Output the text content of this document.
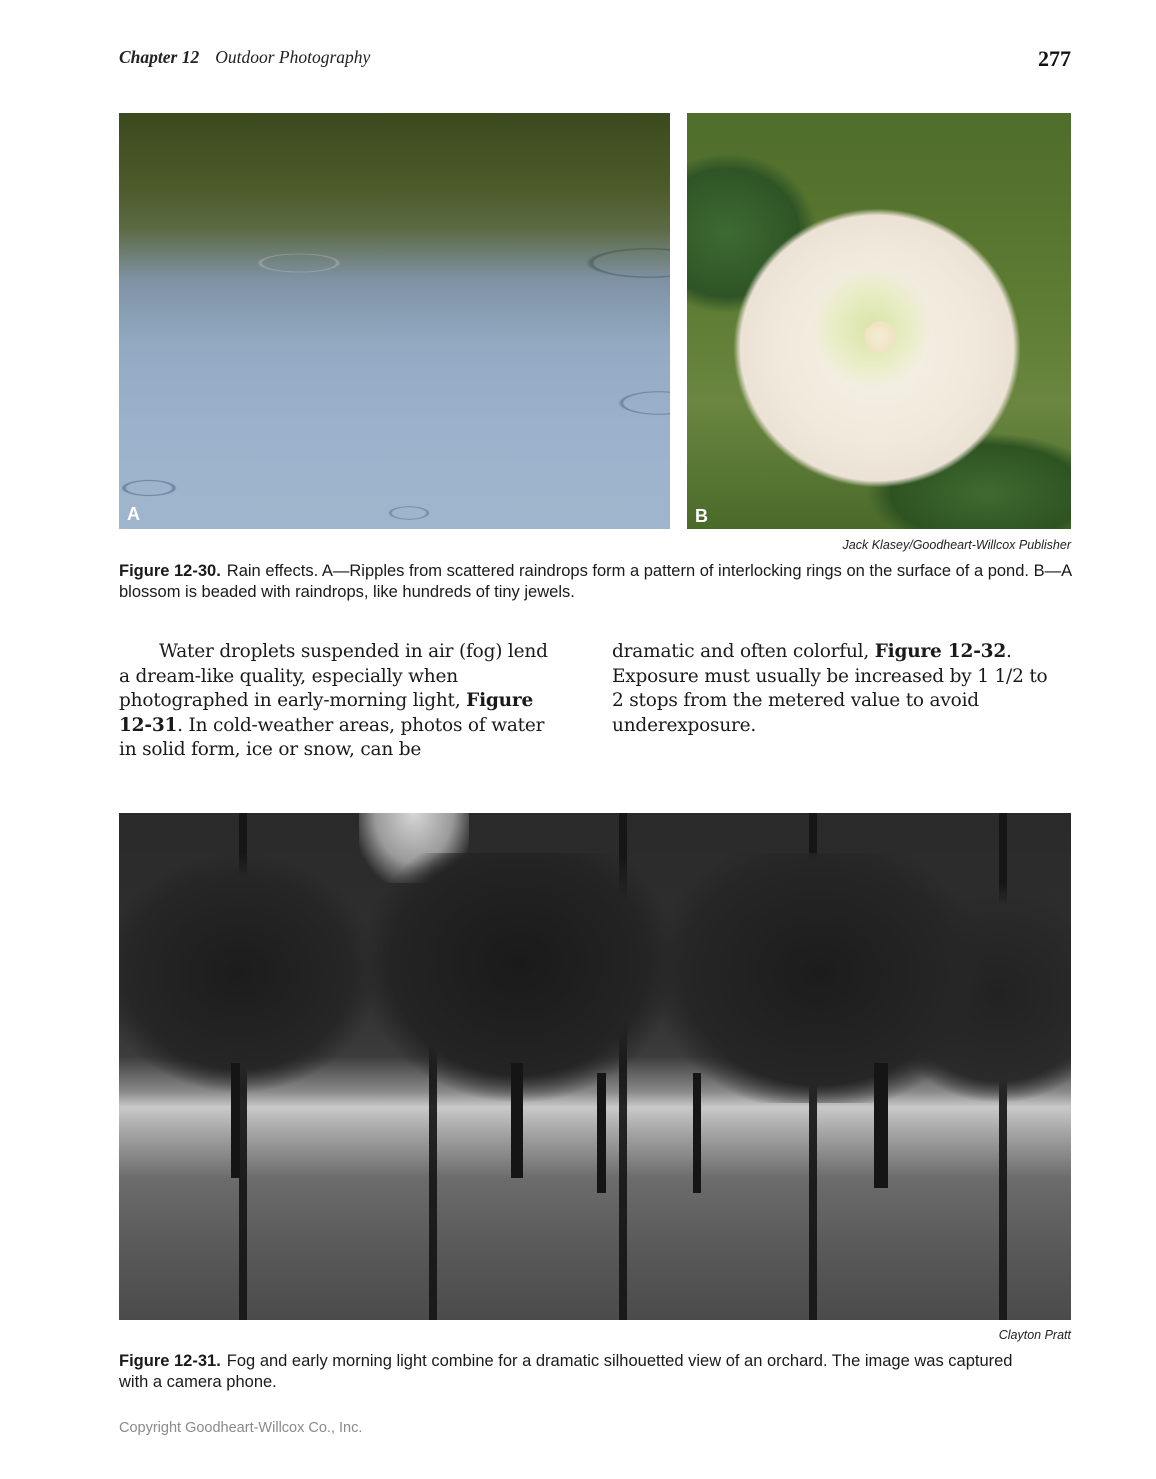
Chapter 12 Outdoor Photography	277
A	B
Jack Klasey/Goodheart-Willcox Publisher
Figure 12-30. Rain effects. A—Ripples from scattered raindrops form a pattern of interlocking rings on the surface of a pond. B—A blossom is beaded with raindrops, like hundreds of tiny jewels.
Water droplets suspended in air (fog) lend a dream-like quality, especially when photographed in early-morning light, Figure 12-31. In cold-weather areas, photos of water in solid form, ice or snow, can be
dramatic and often colorful, Figure 12-32. Exposure must usually be increased by 1 1/2 to 2 stops from the metered value to avoid underexposure.
Clayton Pratt
Figure 12-31. Fog and early morning light combine for a dramatic silhouetted view of an orchard. The image was captured with a camera phone.
Copyright Goodheart-Willcox Co., Inc.
